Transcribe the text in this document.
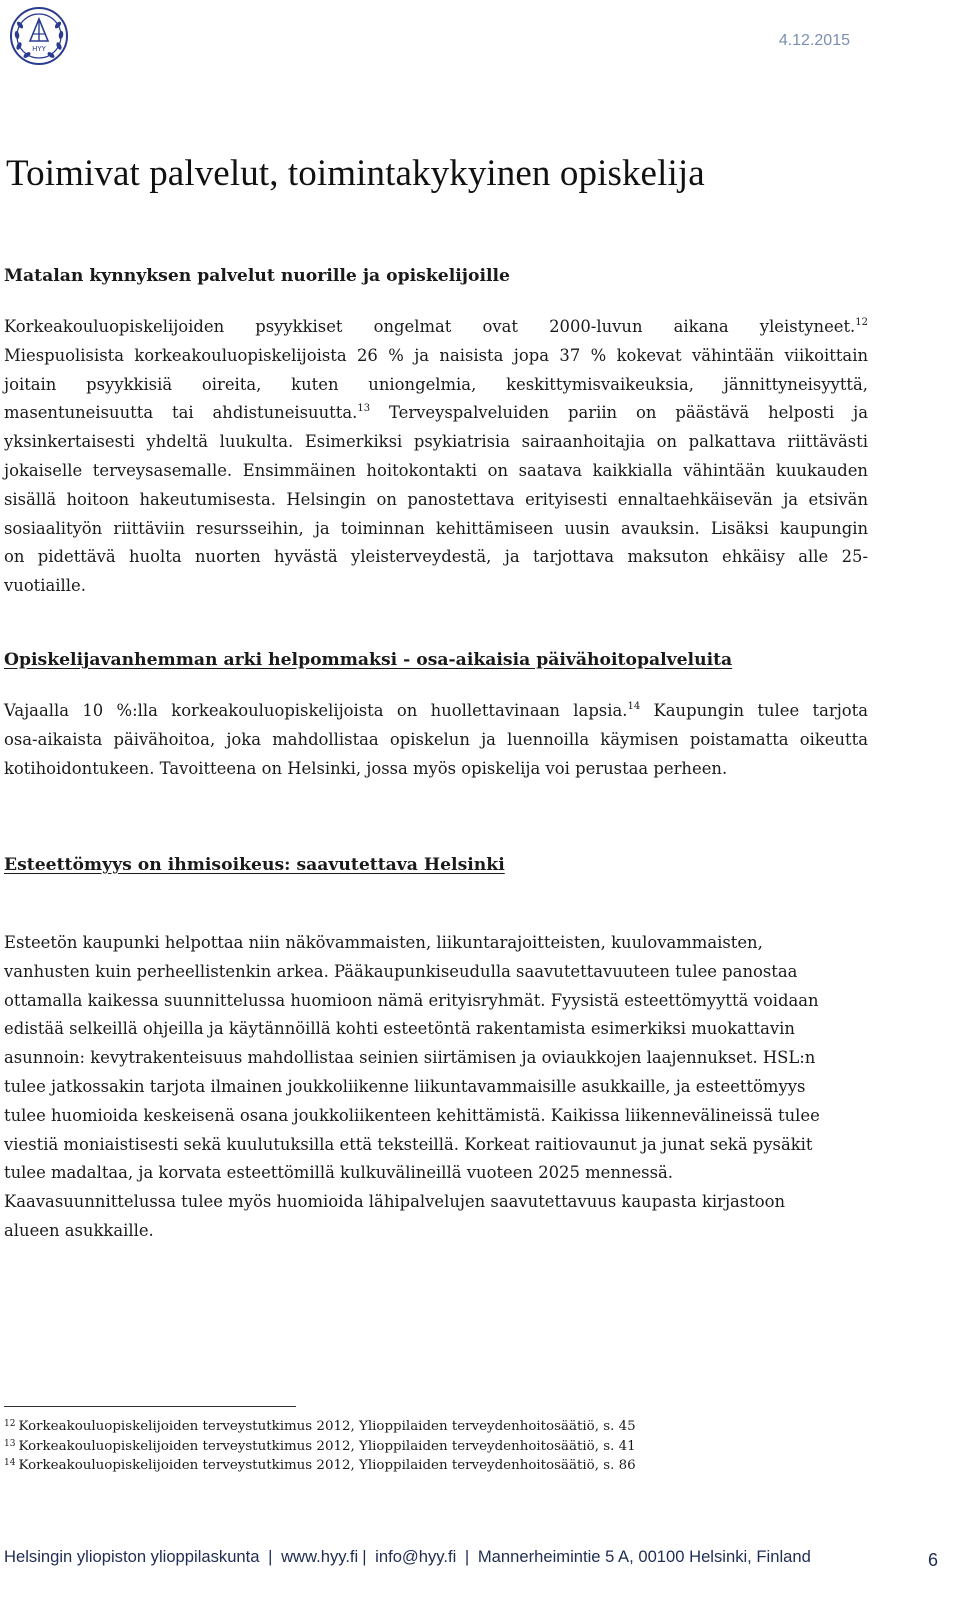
HYY	4.12.2015
Toimivat palvelut, toimintakykyinen opiskelija
Matalan kynnyksen palvelut nuorille ja opiskelijoille
Korkeakouluopiskelijoiden psyykkiset ongelmat ovat 2000-luvun aikana yleistyneet.$^{12}$
Miespuolisista korkeakouluopiskelijoista 26 % ja naisista jopa 37 % kokevat vähintään viikoittain
joitain psyykkisiä oireita, kuten uniongelmia, keskittymisvaikeuksia, jännittyneisyyttä,
masentuneisuutta tai ahdistuneisuutta.$^{13}$ Terveyspalveluiden pariin on päästävä helposti ja
yksinkertaisesti yhdeltä luukulta. Esimerkiksi psykiatrisia sairaanhoitajia on palkattava riittävästi
jokaiselle terveysasemalle. Ensimmäinen hoitokontakti on saatava kaikkialla vähintään kuukauden
sisällä hoitoon hakeutumisesta. Helsingin on panostettava erityisesti ennaltaehkäisevän ja etsivän
sosiaalityön riittäviin resursseihin, ja toiminnan kehittämiseen uusin avauksin. Lisäksi kaupungin
on pidettävä huolta nuorten hyvästä yleisterveydestä, ja tarjottava maksuton ehkäisy alle 25-
vuotiaille.
Opiskelijavanhemman arki helpommaksi - osa-aikaisia päivähoitopalveluita
Vajaalla 10 %:lla korkeakouluopiskelijoista on huollettavinaan lapsia.$^{14}$ Kaupungin tulee tarjota
osa-aikaista päivähoitoa, joka mahdollistaa opiskelun ja luennoilla käymisen poistamatta oikeutta
kotihoidontukeen. Tavoitteena on Helsinki, jossa myös opiskelija voi perustaa perheen.
Esteettömyys on ihmisoikeus: saavutettava Helsinki
Esteetön kaupunki helpottaa niin näkövammaisten, liikuntarajoitteisten, kuulovammaisten,
vanhusten kuin perheellistenkin arkea. Pääkaupunkiseudulla saavutettavuuteen tulee panostaa
ottamalla kaikessa suunnittelussa huomioon nämä erityisryhmät. Fyysistä esteettömyyttä voidaan
edistää selkeillä ohjeilla ja käytännöillä kohti esteetöntä rakentamista esimerkiksi muokattavin
asunnoin: kevytrakenteisuus mahdollistaa seinien siirtämisen ja oviaukkojen laajennukset. HSL:n
tulee jatkossakin tarjota ilmainen joukkoliikenne liikuntavammaisille asukkaille, ja esteettömyys
tulee huomioida keskeisenä osana joukkoliikenteen kehittämistä. Kaikissa liikennevälineissä tulee
viestiä moniaistisesti sekä kuulutuksilla että teksteillä. Korkeat raitiovaunut ja junat sekä pysäkit
tulee madaltaa, ja korvata esteettömillä kulkuvälineillä vuoteen 2025 mennessä.
Kaavasuunnittelussa tulee myös huomioida lähipalvelujen saavutettavuus kaupasta kirjastoon
alueen asukkaille.
$^{12}$ Korkeakouluopiskelijoiden terveystutkimus 2012, Ylioppilaiden terveydenhoitosäätiö, s. 45
$^{13}$ Korkeakouluopiskelijoiden terveystutkimus 2012, Ylioppilaiden terveydenhoitosäätiö, s. 41
$^{14}$ Korkeakouluopiskelijoiden terveystutkimus 2012, Ylioppilaiden terveydenhoitosäätiö, s. 86
Helsingin yliopiston ylioppilaskunta | www.hyy.fi | info@hyy.fi | Mannerheimintie 5 A, 00100 Helsinki, Finland	6
